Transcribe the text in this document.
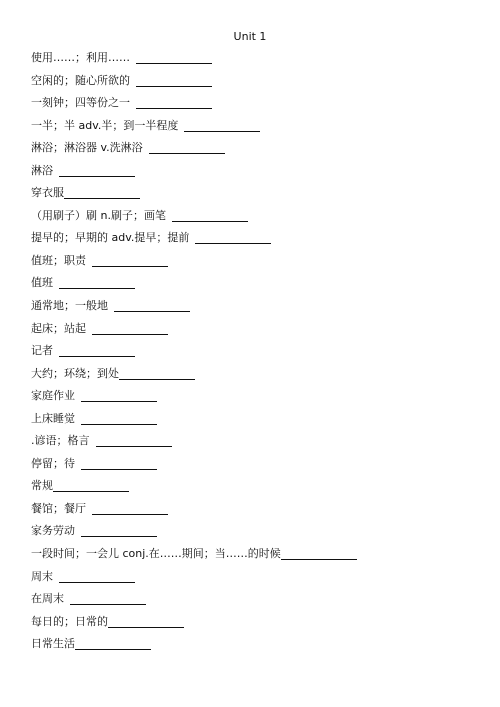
Unit 1
使用……；利用……
空闲的；随心所欲的
一刻钟；四等份之一
一半；半 adv.半；到一半程度
淋浴；淋浴器 v.洗淋浴
淋浴
穿衣服
（用刷子）刷 n.刷子；画笔
提早的；早期的 adv.提早；提前
值班；职责
值班
通常地；一般地
起床；站起
记者
大约；环绕；到处
家庭作业
上床睡觉
.谚语；格言
停留；待
常规
餐馆；餐厅
家务劳动
一段时间；一会儿 conj.在……期间；当……的时候
周末
在周末
每日的；日常的
日常生活
